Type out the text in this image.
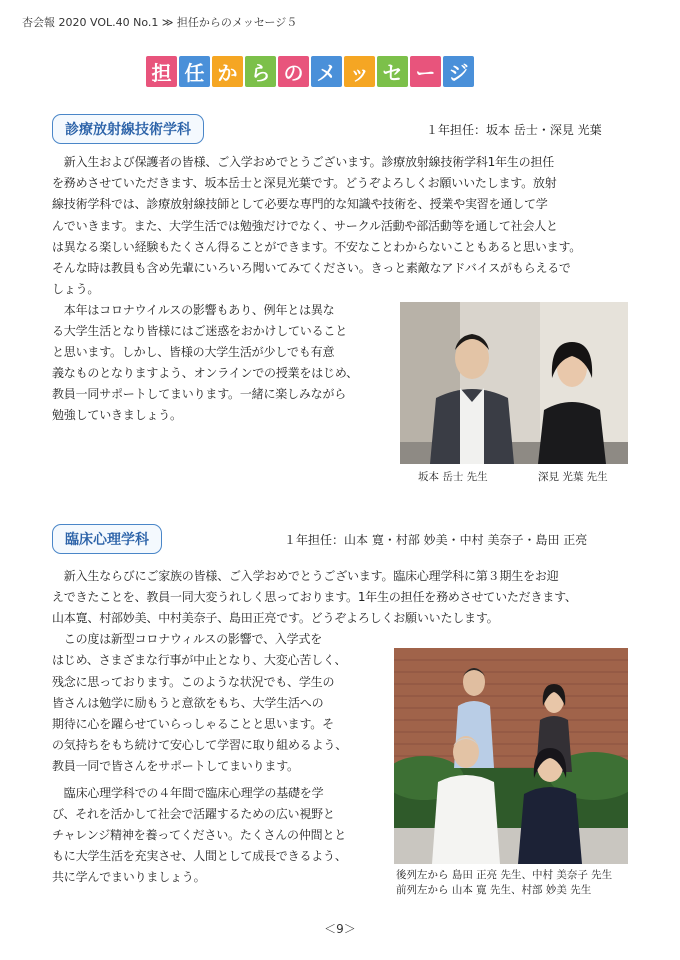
杏会報 2020 VOL.40 No.1 ≫ 担任からのメッセージ５
担 任 か ら の メ ッ セ ー ジ
診療放射線技術学科	１年担任：坂本 岳士・深見 光葉

　新入生および保護者の皆様、ご入学おめでとうございます。診療放射線技術学科1年生の担任

を務めさせていただきます、坂本岳士と深見光葉です。どうぞよろしくお願いいたします。放射

線技術学科では、診療放射線技師として必要な専門的な知識や技術を、授業や実習を通して学

んでいきます。また、大学生活では勉強だけでなく、サークル活動や部活動等を通して社会人と

は異なる楽しい経験もたくさん得ることができます。不安なことわからないこともあると思います。

そんな時は教員も含め先輩にいろいろ聞いてみてください。きっと素敵なアドバイスがもらえるで

しょう。

　本年はコロナウイルスの影響もあり、例年とは異な

る大学生活となり皆様にはご迷惑をおかけしていること

と思います。しかし、皆様の大学生活が少しでも有意

義なものとなりますよう、オンラインでの授業をはじめ、

教員一同サポートしてまいります。一緒に楽しみながら

勉強していきましょう。

坂本 岳士 先生	深見 光葉 先生
臨床心理学科	１年担任：山本 寛・村部 妙美・中村 美奈子・島田 正亮

　新入生ならびにご家族の皆様、ご入学おめでとうございます。臨床心理学科に第３期生をお迎

えできたことを、教員一同大変うれしく思っております。1年生の担任を務めさせていただきます、

山本寛、村部妙美、中村美奈子、島田正亮です。どうぞよろしくお願いいたします。

　この度は新型コロナウィルスの影響で、入学式を

はじめ、さまざまな行事が中止となり、大変心苦しく、

残念に思っております。このような状況でも、学生の

皆さんは勉学に励もうと意欲をもち、大学生活への

期待に心を躍らせていらっしゃることと思います。そ

の気持ちをもち続けて安心して学習に取り組めるよう、

教員一同で皆さんをサポートしてまいります。

　臨床心理学科での４年間で臨床心理学の基礎を学

び、それを活かして社会で活躍するための広い視野と

チャレンジ精神を養ってください。たくさんの仲間とと

もに大学生活を充実させ、人間として成長できるよう、

共に学んでまいりましょう。	後列左から 島田 正亮 先生、中村 美奈子 先生
前列左から 山本 寛 先生、村部 妙美 先生
＜9＞
